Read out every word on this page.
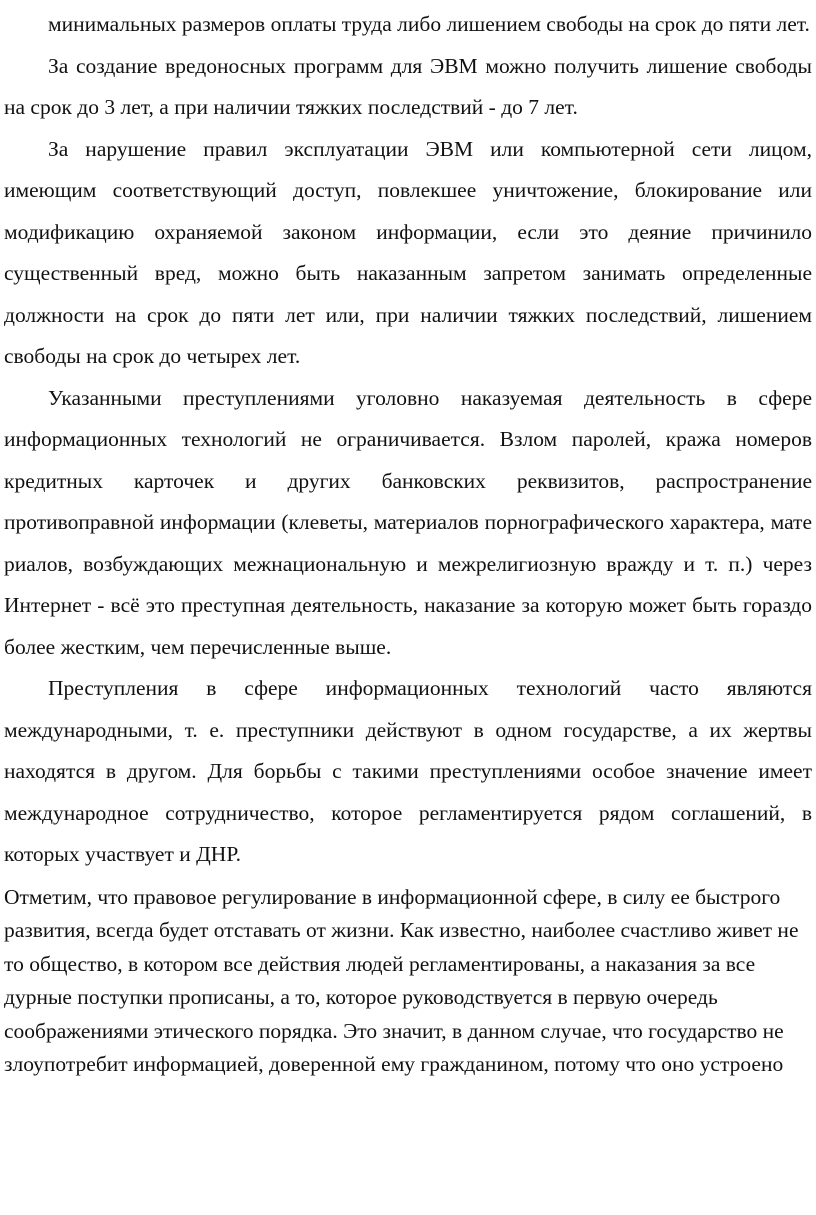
минимальных размеров оплаты труда либо лишением свободы на срок до пяти лет.

За создание вредоносных программ для ЭВМ можно получить лишение свободы на срок до 3 лет, а при наличии тяжких последствий - до 7 лет.

За нарушение правил эксплуатации ЭВМ или компьютерной сети лицом, имеющим соответствующий доступ, повлекшее уничтожение, блокирование или модификацию охраняемой законом информации, если это деяние причинило существенный вред, можно быть наказанным запретом занимать определенные должности на срок до пяти лет или, при наличии тяжких последствий, лишением свободы на срок до четырех лет.

Указанными преступлениями уголовно наказуемая деятельность в сфере информационных технологий не ограничивается. Взлом паролей, кража номеров кредитных карточек и других банковских реквизитов, распространение противоправной информации (клеветы, материалов порнографического характера, мате риалов, возбуждающих межнациональную и межрелигиозную вражду и т. п.) через Интернет - всё это преступная деятельность, наказание за которую может быть гораздо более жестким, чем перечисленные выше.

Преступления в сфере информационных технологий часто являются международными, т. е. преступники действуют в одном государстве, а их жертвы находятся в другом. Для борьбы с такими преступлениями особое значение имеет международное сотрудничество, которое регламентируется рядом соглашений, в которых участвует и ДНР.

Отметим, что правовое регулирование в информационной сфере, в силу ее быстрого развития, всегда будет отставать от жизни. Как известно, наиболее счастливо живет не то общество, в котором все действия людей регламентированы, а наказания за все дурные поступки прописаны, а то, которое руководствуется в первую очередь соображениями этического порядка. Это значит, в данном случае, что государство не злоупотребит информацией, доверенной ему гражданином, потому что оно устроено
